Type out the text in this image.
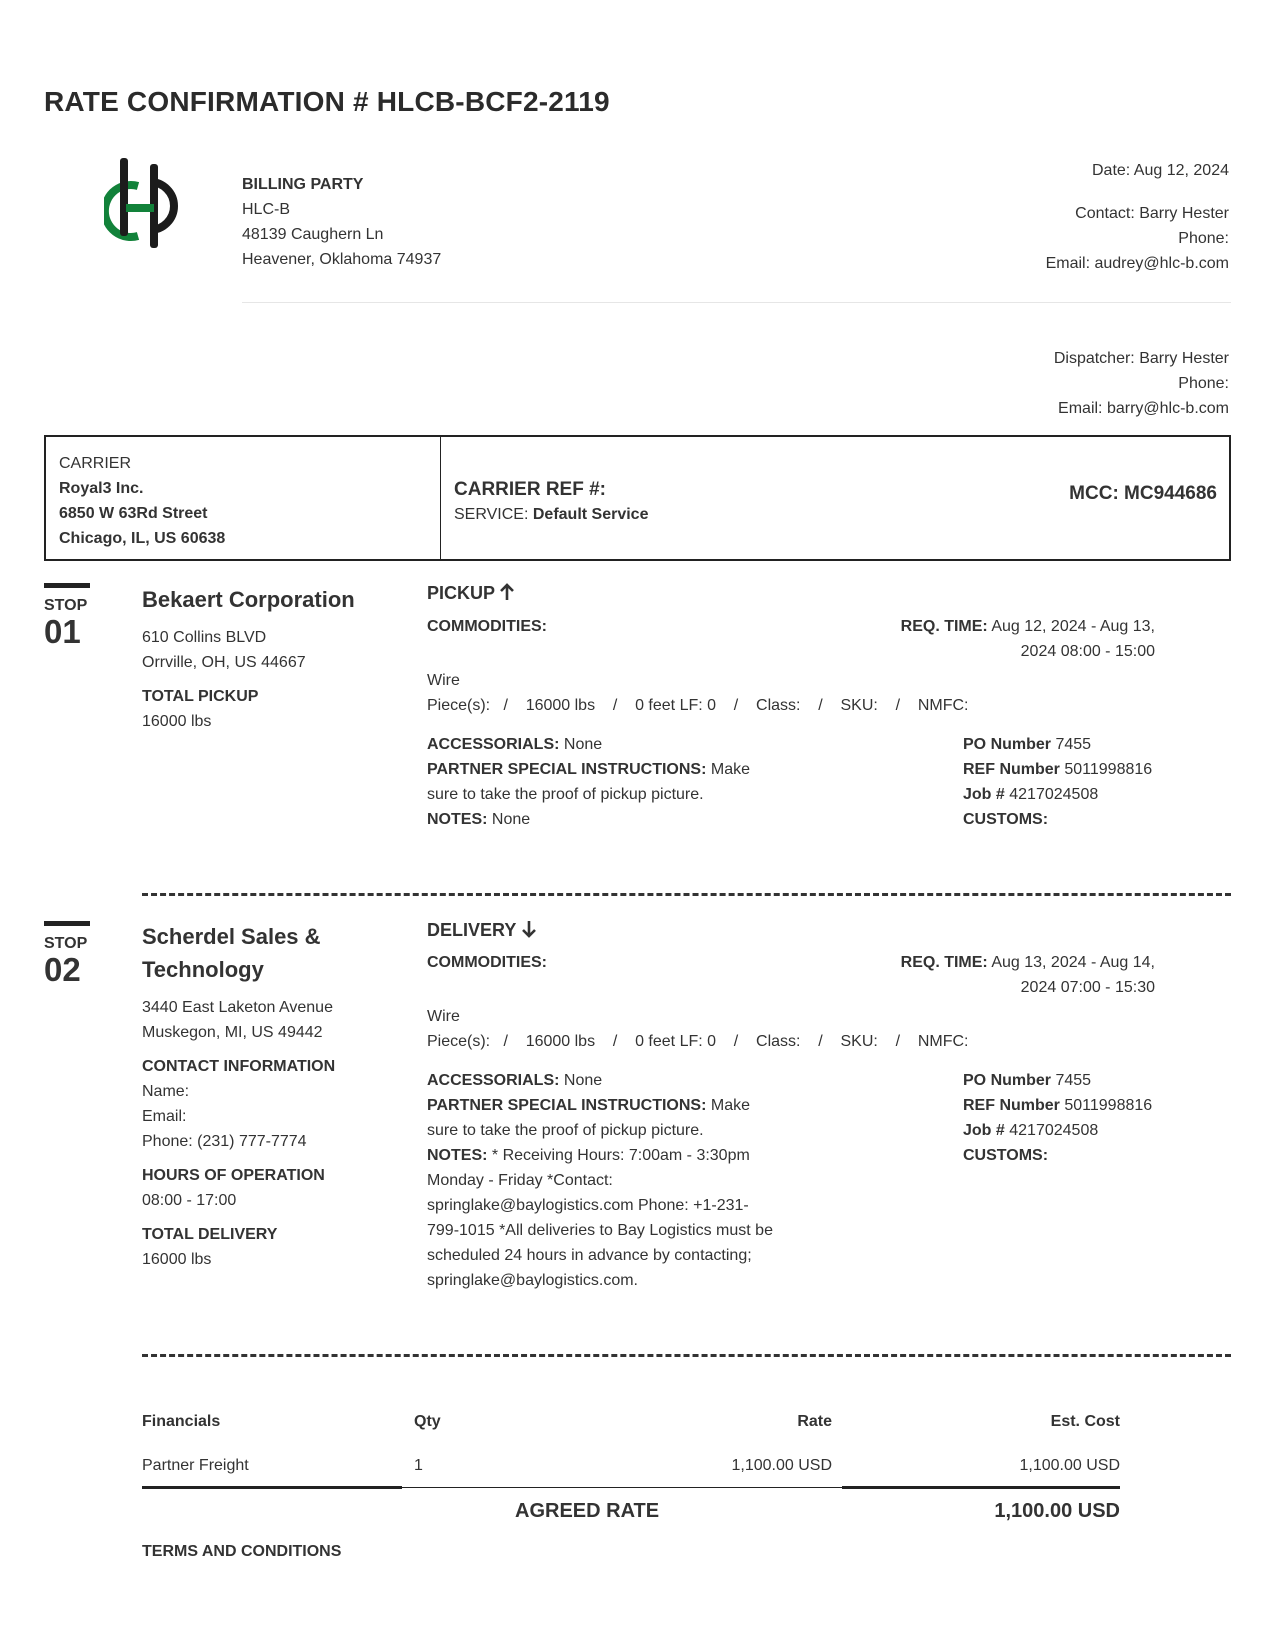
RATE CONFIRMATION # HLCB-BCF2-2119
BILLING PARTY
HLC-B
48139 Caughern Ln
Heavener, Oklahoma 74937
Date: Aug 12, 2024
Contact: Barry Hester
Phone:
Email: audrey@hlc-b.com
Dispatcher: Barry Hester
Phone:
Email: barry@hlc-b.com
CARRIER
Royal3 Inc.
6850 W 63Rd Street
Chicago, IL, US 60638
CARRIER REF #:
SERVICE: Default Service
MCC: MC944686
STOP
01
Bekaert Corporation
610 Collins BLVD
Orrville, OH, US 44667
TOTAL PICKUP
16000 lbs
PICKUP
COMMODITIES:	REQ. TIME: Aug 12, 2024 - Aug 13,
2024 08:00 - 15:00
Wire
Piece(s):   /    16000 lbs    /    0 feet LF: 0    /    Class:    /    SKU:    /    NMFC:
ACCESSORIALS: None
PARTNER SPECIAL INSTRUCTIONS: Make
sure to take the proof of pickup picture.
NOTES: None
PO Number 7455
REF Number 5011998816
Job # 4217024508
CUSTOMS:
STOP
02
Scherdel Sales &
Technology
3440 East Laketon Avenue
Muskegon, MI, US 49442
CONTACT INFORMATION
Name:
Email:
Phone: (231) 777-7774
HOURS OF OPERATION
08:00 - 17:00
TOTAL DELIVERY
16000 lbs
DELIVERY
COMMODITIES:	REQ. TIME: Aug 13, 2024 - Aug 14,
2024 07:00 - 15:30
Wire
Piece(s):   /    16000 lbs    /    0 feet LF: 0    /    Class:    /    SKU:    /    NMFC:
ACCESSORIALS: None
PARTNER SPECIAL INSTRUCTIONS: Make
sure to take the proof of pickup picture.
NOTES: * Receiving Hours: 7:00am - 3:30pm
Monday - Friday *Contact:
springlake@baylogistics.com Phone: +1-231-
799-1015 *All deliveries to Bay Logistics must be
scheduled 24 hours in advance by contacting;
springlake@baylogistics.com.
PO Number 7455
REF Number 5011998816
Job # 4217024508
CUSTOMS:
Financials	Qty	Rate	Est. Cost
Partner Freight	1	1,100.00 USD	1,100.00 USD
AGREED RATE	1,100.00 USD
TERMS AND CONDITIONS
